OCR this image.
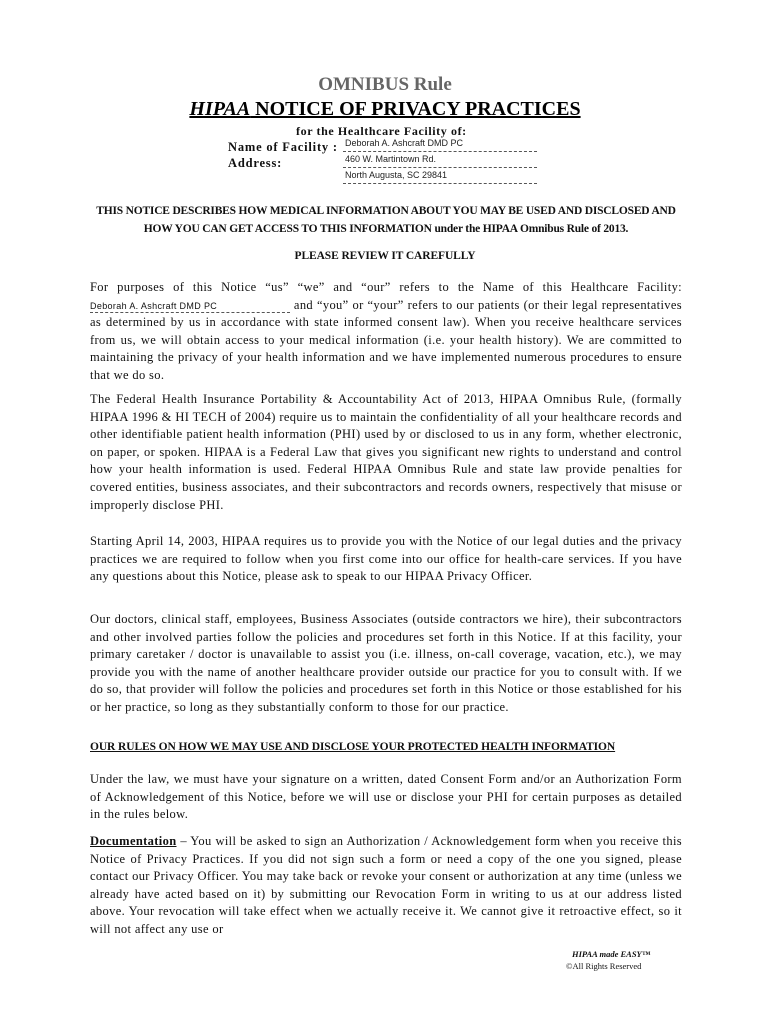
OMNIBUS Rule
HIPAA NOTICE OF PRIVACY PRACTICES
for the Healthcare Facility of:
Name of Facility : Deborah A. Ashcraft DMD PC
Address:	460 W. Martintown Rd.
North Augusta, SC 29841
THIS NOTICE DESCRIBES HOW MEDICAL INFORMATION ABOUT YOU MAY BE USED AND DISCLOSED AND HOW YOU CAN GET ACCESS TO THIS INFORMATION under the HIPAA Omnibus Rule of 2013.
PLEASE REVIEW IT CAREFULLY
For purposes of this Notice “us” “we” and “our” refers to the Name of this Healthcare Facility: Deborah A. Ashcraft DMD PC	and “you” or “your” refers to our patients (or their legal representatives as determined by us in accordance with state informed consent law). When you receive healthcare services from us, we will obtain access to your medical information (i.e. your health history). We are committed to maintaining the privacy of your health information and we have implemented numerous procedures to ensure that we do so.
The Federal Health Insurance Portability & Accountability Act of 2013, HIPAA Omnibus Rule, (formally HIPAA 1996 & HI TECH of 2004) require us to maintain the confidentiality of all your healthcare records and other identifiable patient health information (PHI) used by or disclosed to us in any form, whether electronic, on paper, or spoken. HIPAA is a Federal Law that gives you significant new rights to understand and control how your health information is used. Federal HIPAA Omnibus Rule and state law provide penalties for covered entities, business associates, and their subcontractors and records owners, respectively that misuse or improperly disclose PHI.
Starting April 14, 2003, HIPAA requires us to provide you with the Notice of our legal duties and the privacy practices we are required to follow when you first come into our office for health-care services. If you have any questions about this Notice, please ask to speak to our HIPAA Privacy Officer.
Our doctors, clinical staff, employees, Business Associates (outside contractors we hire), their subcontractors and other involved parties follow the policies and procedures set forth in this Notice. If at this facility, your primary caretaker / doctor is unavailable to assist you (i.e. illness, on-call coverage, vacation, etc.), we may provide you with the name of another healthcare provider outside our practice for you to consult with. If we do so, that provider will follow the policies and procedures set forth in this Notice or those established for his or her practice, so long as they substantially conform to those for our practice.
OUR RULES ON HOW WE MAY USE AND DISCLOSE YOUR PROTECTED HEALTH INFORMATION
Under the law, we must have your signature on a written, dated Consent Form and/or an Authorization Form of Acknowledgement of this Notice, before we will use or disclose your PHI for certain purposes as detailed in the rules below.
Documentation – You will be asked to sign an Authorization / Acknowledgement form when you receive this Notice of Privacy Practices. If you did not sign such a form or need a copy of the one you signed, please contact our Privacy Officer. You may take back or revoke your consent or authorization at any time (unless we already have acted based on it) by submitting our Revocation Form in writing to us at our address listed above. Your revocation will take effect when we actually receive it. We cannot give it retroactive effect, so it will not affect any use or
HIPAA made EASY™
©All Rights Reserved
